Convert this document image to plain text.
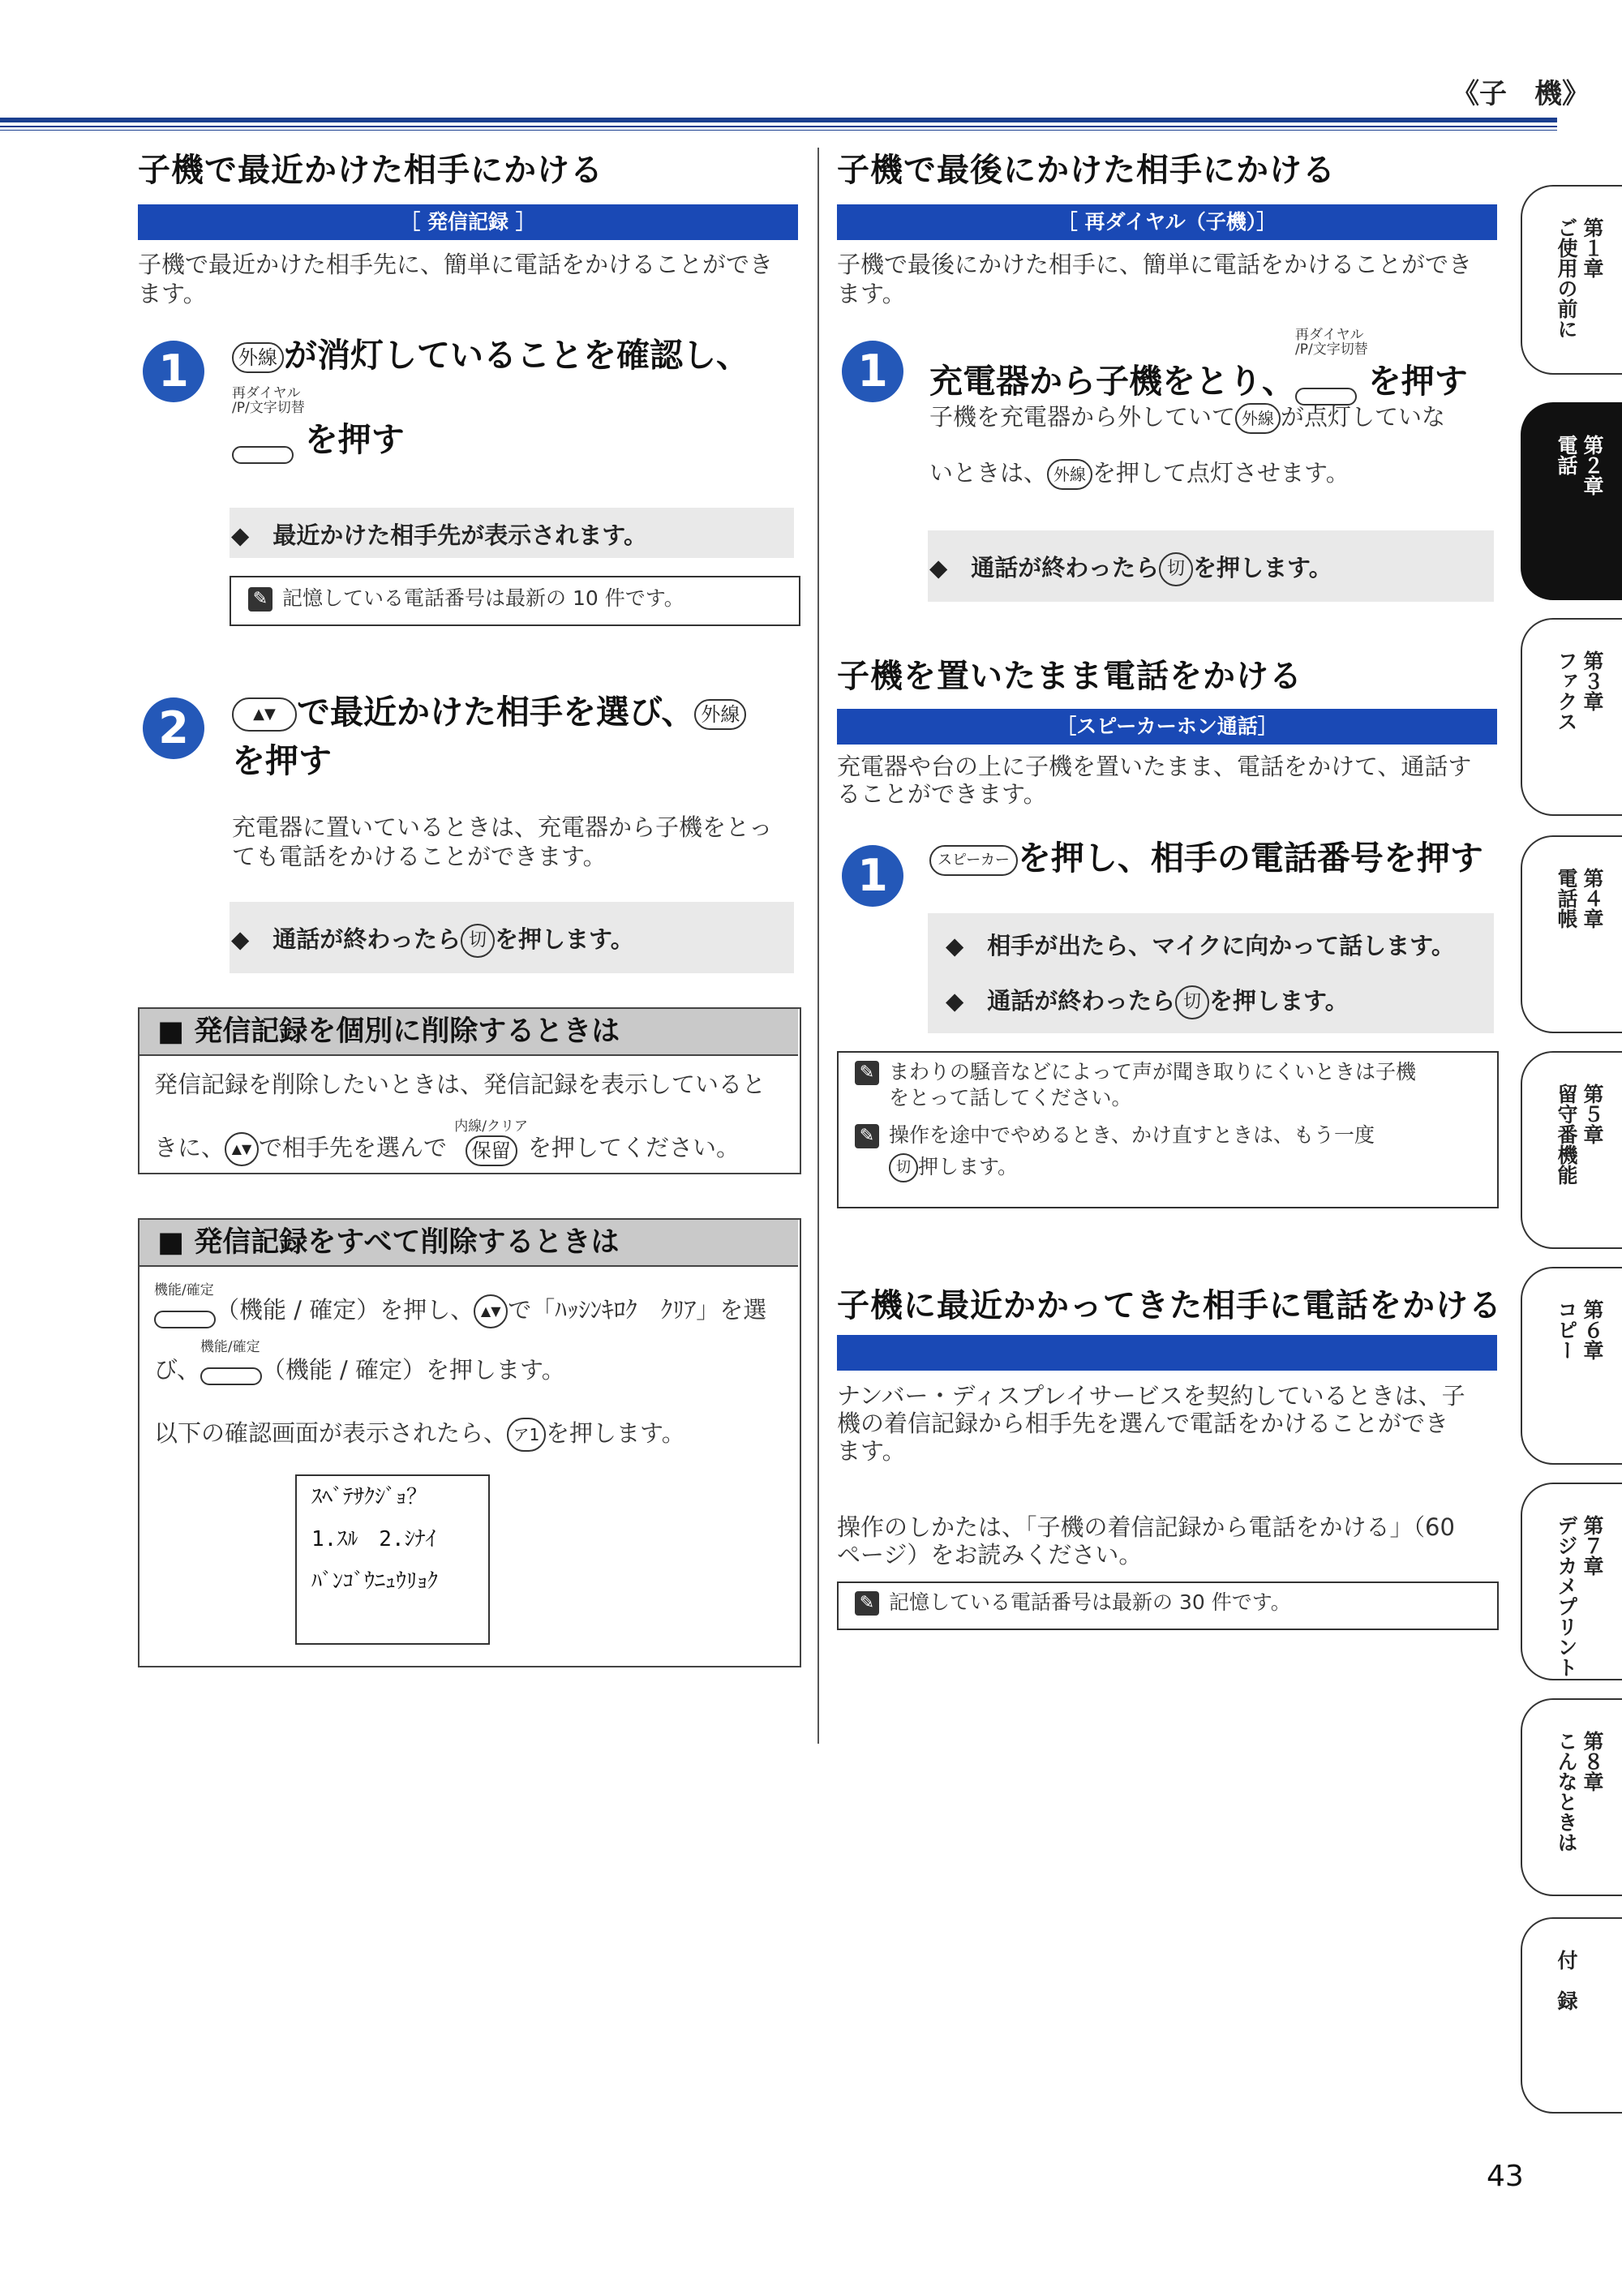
《子　機》
子機で最近かけた相手にかける
［ 発信記録 ］
子機で最近かけた相手先に、簡単に電話をかけることができ
ます。
1	外線 が消灯していることを確認し、
再ダイヤル
/P/文字切替
を押す
◆　最近かけた相手先が表示されます。
✎ 記憶している電話番号は最新の 10 件です。
2	▲▼ で最近かけた相手を選び、 外線
を押す
充電器に置いているときは、充電器から子機をとっ
ても電話をかけることができます。
◆　通話が終わったら 切 を押します。
■ 発信記録を個別に削除するときは
発信記録を削除したいときは、発信記録を表示していると
きに、 ▲▼ で相手先を選んで
内線/クリア
保留 を押してください。
■ 発信記録をすべて削除するときは
機能/確定
（機能 / 確定）を押し、 ▲▼ で「ﾊｯｼﾝｷﾛｸ　ｸﾘｱ」を選
び、
機能/確定
（機能 / 確定）を押します。
以下の確認画面が表示されたら、 ア1 を押します。
ｽﾍﾞﾃｻｸｼﾞｮ？
1.ｽﾙ　2.ｼﾅｲ
ﾊﾞﾝｺﾞｳﾆｭｳﾘｮｸ
子機で最後にかけた相手にかける
［ 再ダイヤル（子機）］
子機で最後にかけた相手に、簡単に電話をかけることができ
ます。
1	充電器から子機をとり、
再ダイヤル
/P/文字切替
を押す
子機を充電器から外していて 外線 が点灯していな
いときは、 外線 を押して点灯させます。
◆　通話が終わったら 切 を押します。
子機を置いたまま電話をかける
［スピーカーホン通話］
充電器や台の上に子機を置いたまま、電話をかけて、通話す
ることができます。
1	スピーカー を押し、相手の電話番号を押す
◆　相手が出たら、マイクに向かって話します。
◆　通話が終わったら 切 を押します。
✎ まわりの騒音などによって声が聞き取りにくいときは子機
をとって話してください。
✎ 操作を途中でやめるとき、かけ直すときは、もう一度
切 押します。
子機に最近かかってきた相手に電話をかける
ナンバー・ディスプレイサービスを契約しているときは、子
機の着信記録から相手先を選んで電話をかけることができ
ます。
操作のしかたは、「子機の着信記録から電話をかける」（60
ページ）をお読みください。
✎ 記憶している電話番号は最新の 30 件です。
第１章
ご使用の前に
第２章
電話
第３章
ファクス
第４章
電話帳
第５章
留守番機能
第６章
コピー
第７章
デジカメプリント
第８章
こんなときは
付　録
43
